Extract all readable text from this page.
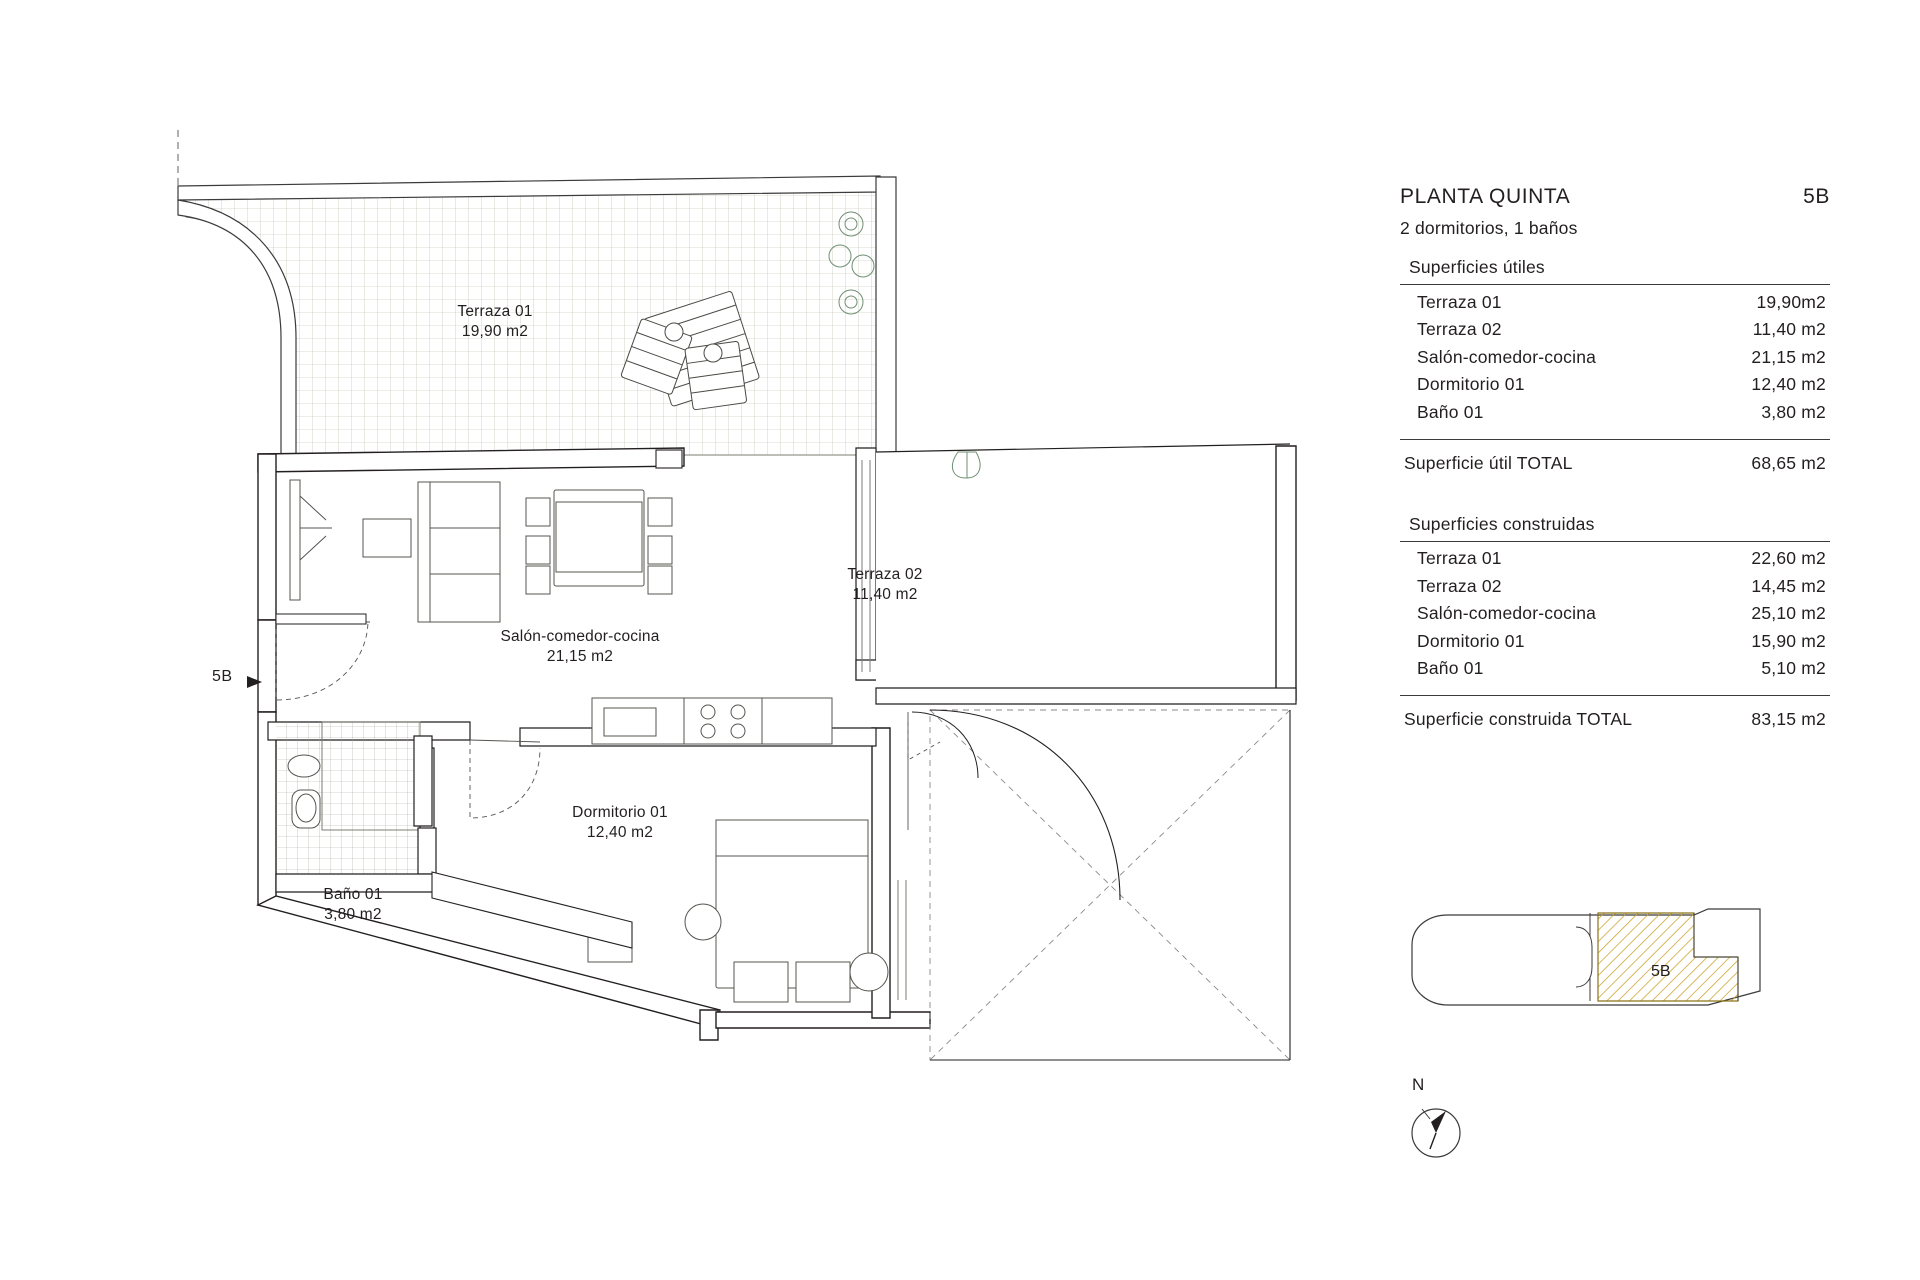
Terraza 01
19,90 m2
Terraza 02
11,40 m2
Salón-comedor-cocina
21,15 m2
Dormitorio 01
12,40 m2
Baño 01
3,80 m2
5B
PLANTA QUINTA	5B
2 dormitorios, 1 baños
Superficies útiles
Terraza 01	19,90m2
Terraza 02	11,40 m2
Salón-comedor-cocina	21,15 m2
Dormitorio 01	12,40 m2
Baño 01	3,80 m2
Superficie útil TOTAL	68,65 m2
Superficies construidas
Terraza 01	22,60 m2
Terraza 02	14,45 m2
Salón-comedor-cocina	25,10 m2
Dormitorio 01	15,90 m2
Baño 01	5,10 m2
Superficie construida TOTAL	83,15 m2
5B
N
